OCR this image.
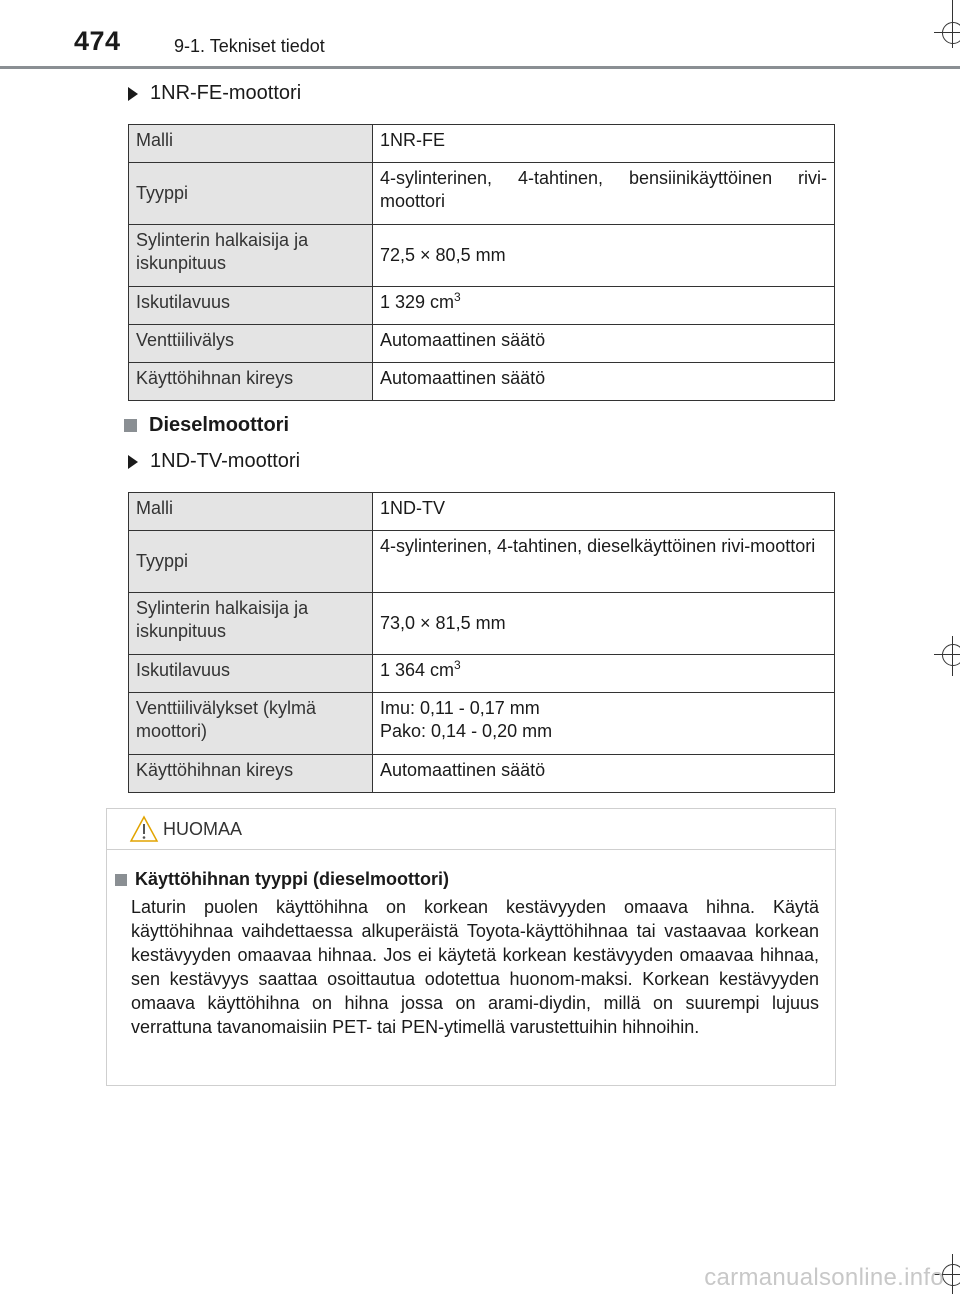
474	9-1. Tekniset tiedot
1NR-FE-moottori
Malli	1NR-FE
Tyyppi	4-sylinterinen, 4-tahtinen, bensiinikäyttöinen rivi-moottori
Sylinterin halkaisija ja iskunpituus	72,5 × 80,5 mm
Iskutilavuus	1 329 $cm^3$
Venttiilivälys	Automaattinen säätö
Käyttöhihnan kireys	Automaattinen säätö
Dieselmoottori
1ND-TV-moottori
Malli	1ND-TV
Tyyppi	4-sylinterinen, 4-tahtinen, dieselkäyttöinen rivi-moottori
Sylinterin halkaisija ja iskunpituus	73,0 × 81,5 mm
Iskutilavuus	1 364 $cm^3$
Venttiilivälykset (kylmä moottori)	Imu: 0,11 - 0,17 mm
Pako: 0,14 - 0,20 mm

Käyttöhihnan kireys	Automaattinen säätö
HUOMAA
Käyttöhihnan tyyppi (dieselmoottori)
Laturin puolen käyttöhihna on korkean kestävyyden omaava hihna. Käytä käyttöhihnaa vaihdettaessa alkuperäistä Toyota-käyttöhihnaa tai vastaavaa korkean kestävyyden omaavaa hihnaa. Jos ei käytetä korkean kestävyyden omaavaa hihnaa, sen kestävyys saattaa osoittautua odotettua huonom-maksi. Korkean kestävyyden omaava käyttöhihna on hihna jossa on arami-diydin, millä on suurempi lujuus verrattuna tavanomaisiin PET- tai PEN-ytimellä varustettuihin hihnoihin.
carmanualsonline.info
